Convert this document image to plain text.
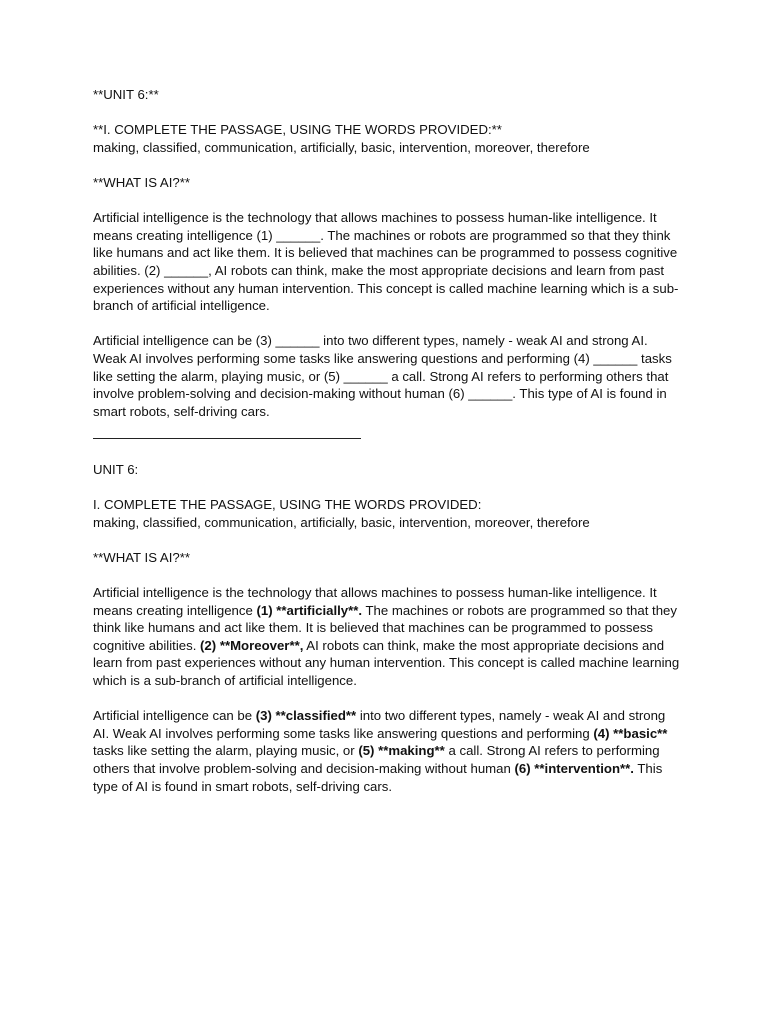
**UNIT 6:**

**I. COMPLETE THE PASSAGE, USING THE WORDS PROVIDED:**

making, classified, communication, artificially, basic, intervention, moreover, therefore

**WHAT IS AI?**

Artificial intelligence is the technology that allows machines to possess human-like intelligence. It means creating intelligence (1) ______. The machines or robots are programmed so that they think like humans and act like them. It is believed that machines can be programmed to possess cognitive abilities. (2) ______, AI robots can think, make the most appropriate decisions and learn from past experiences without any human intervention. This concept is called machine learning which is a sub-branch of artificial intelligence.

Artificial intelligence can be (3) ______ into two different types, namely - weak AI and strong AI. Weak AI involves performing some tasks like answering questions and performing (4) ______ tasks like setting the alarm, playing music, or (5) ______ a call. Strong AI refers to performing others that involve problem-solving and decision-making without human (6) ______. This type of AI is found in smart robots, self-driving cars.

UNIT 6:

I. COMPLETE THE PASSAGE, USING THE WORDS PROVIDED:

making, classified, communication, artificially, basic, intervention, moreover, therefore

**WHAT IS AI?**

Artificial intelligence is the technology that allows machines to possess human-like intelligence. It means creating intelligence (1) **artificially**. The machines or robots are programmed so that they think like humans and act like them. It is believed that machines can be programmed to possess cognitive abilities. (2) **Moreover**, AI robots can think, make the most appropriate decisions and learn from past experiences without any human intervention. This concept is called machine learning which is a sub-branch of artificial intelligence.

Artificial intelligence can be (3) **classified** into two different types, namely - weak AI and strong AI. Weak AI involves performing some tasks like answering questions and performing (4) **basic** tasks like setting the alarm, playing music, or (5) **making** a call. Strong AI refers to performing others that involve problem-solving and decision-making without human (6) **intervention**. This type of AI is found in smart robots, self-driving cars.
